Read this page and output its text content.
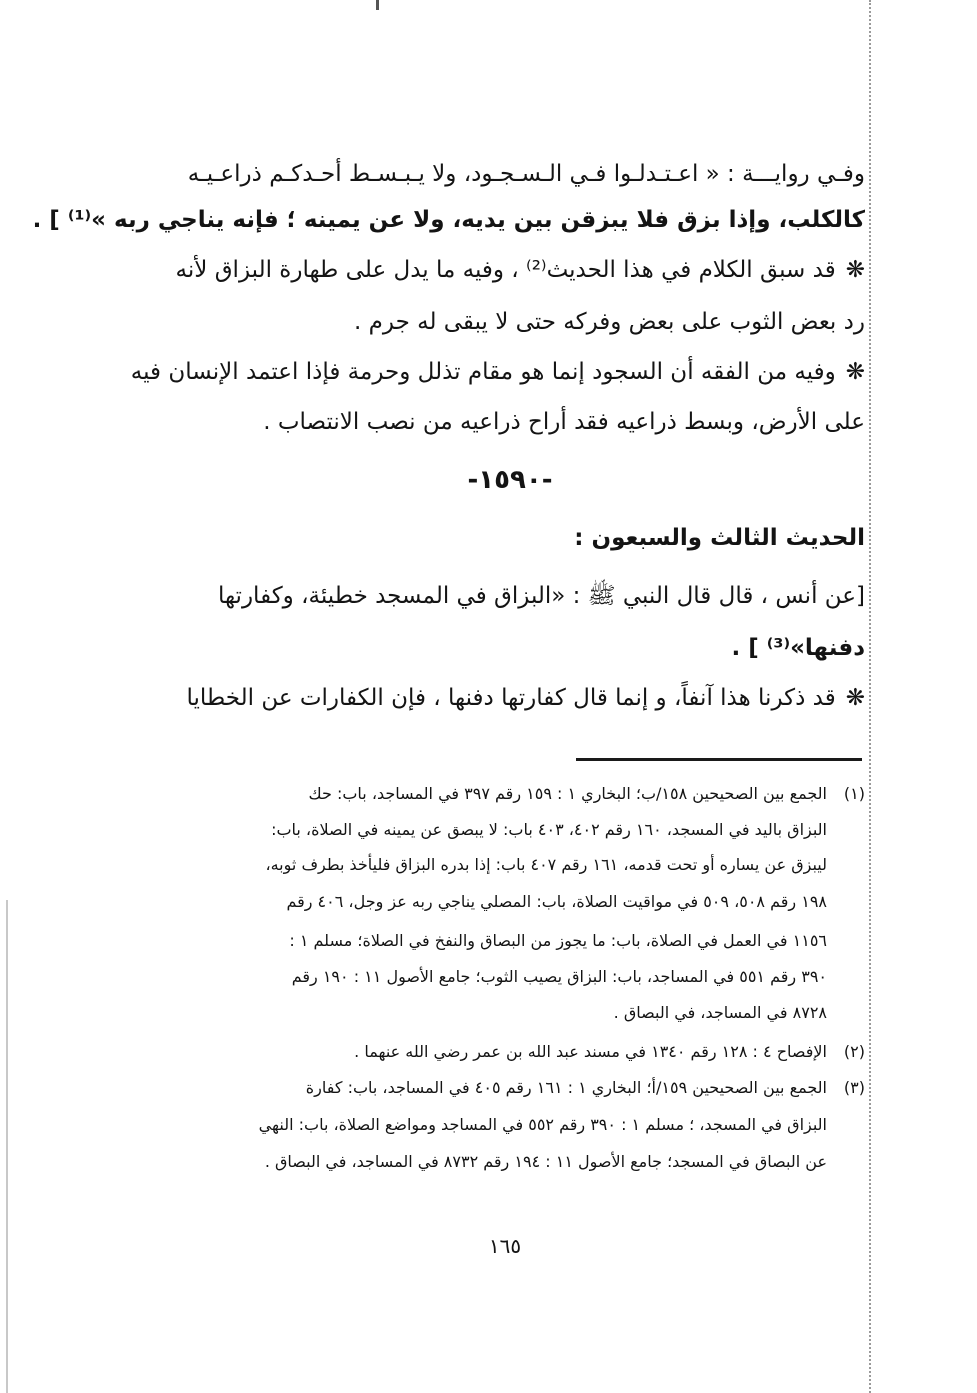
وفـي روايـــة : « اعـتـدلـوا فـي الـسـجـود، ولا يـبـسـط أحـدكـم ذراعـيـه
كالكلب، وإذا بزق فلا يبزقن بين يديه، ولا عن يمينه ؛ فإنه يناجي ربه »⁽¹⁾ ] .
❋قد سبق الكلام في هذا الحديث⁽²⁾ ، وفيه ما يدل على طهارة البزاق لأنه
رد بعض الثوب على بعض وفركه حتى لا يبقى له جرم .
❋وفيه من الفقه أن السجود إنما هو مقام تذلل وحرمة فإذا اعتمد الإنسان فيه
على الأرض، وبسط ذراعيه فقد أراح ذراعيه من نصب الانتصاب .
-١٥٩٠-
الحديث الثالث والسبعون :
[عن أنس ، قال قال النبي ﷺ : «البزاق في المسجد خطيئة، وكفارتها
دفنها»⁽³⁾ ] .
❋قد ذكرنا هذا آنفاً، و إنما قال كفارتها دفنها ، فإن الكفارات عن الخطايا
(١)الجمع بين الصحيحين ١٥٨/ب؛ البخاري ١ : ١٥٩ رقم ٣٩٧ في المساجد، باب: حك
البزاق باليد في المسجد، ١٦٠ رقم ٤٠٢، ٤٠٣ باب: لا يبصق عن يمينه في الصلاة، باب:
ليبزق عن يساره أو تحت قدمه، ١٦١ رقم ٤٠٧ باب: إذا بدره البزاق فليأخذ بطرف ثوبه،
١٩٨ رقم ٥٠٨، ٥٠٩ في مواقيت الصلاة، باب: المصلي يناجي ربه عز وجل، ٤٠٦ رقم
١١٥٦ في العمل في الصلاة، باب: ما يجوز من البصاق والنفخ في الصلاة؛ مسلم ١ :
٣٩٠ رقم ٥٥١ في المساجد، باب: البزاق يصيب الثوب؛ جامع الأصول ١١ : ١٩٠ رقم
٨٧٢٨ في المساجد، في البصاق .
(٢)الإفصاح ٤ : ١٢٨ رقم ١٣٤٠ في مسند عبد الله بن عمر رضي الله عنهما .
(٣)الجمع بين الصحيحين ١٥٩/أ؛ البخاري ١ : ١٦١ رقم ٤٠٥ في المساجد، باب: كفارة
البزاق في المسجد، ؛ مسلم ١ : ٣٩٠ رقم ٥٥٢ في المساجد ومواضع الصلاة، باب: النهي
عن البصاق في المسجد؛ جامع الأصول ١١ : ١٩٤ رقم ٨٧٣٢ في المساجد، في البصاق .
١٦٥
